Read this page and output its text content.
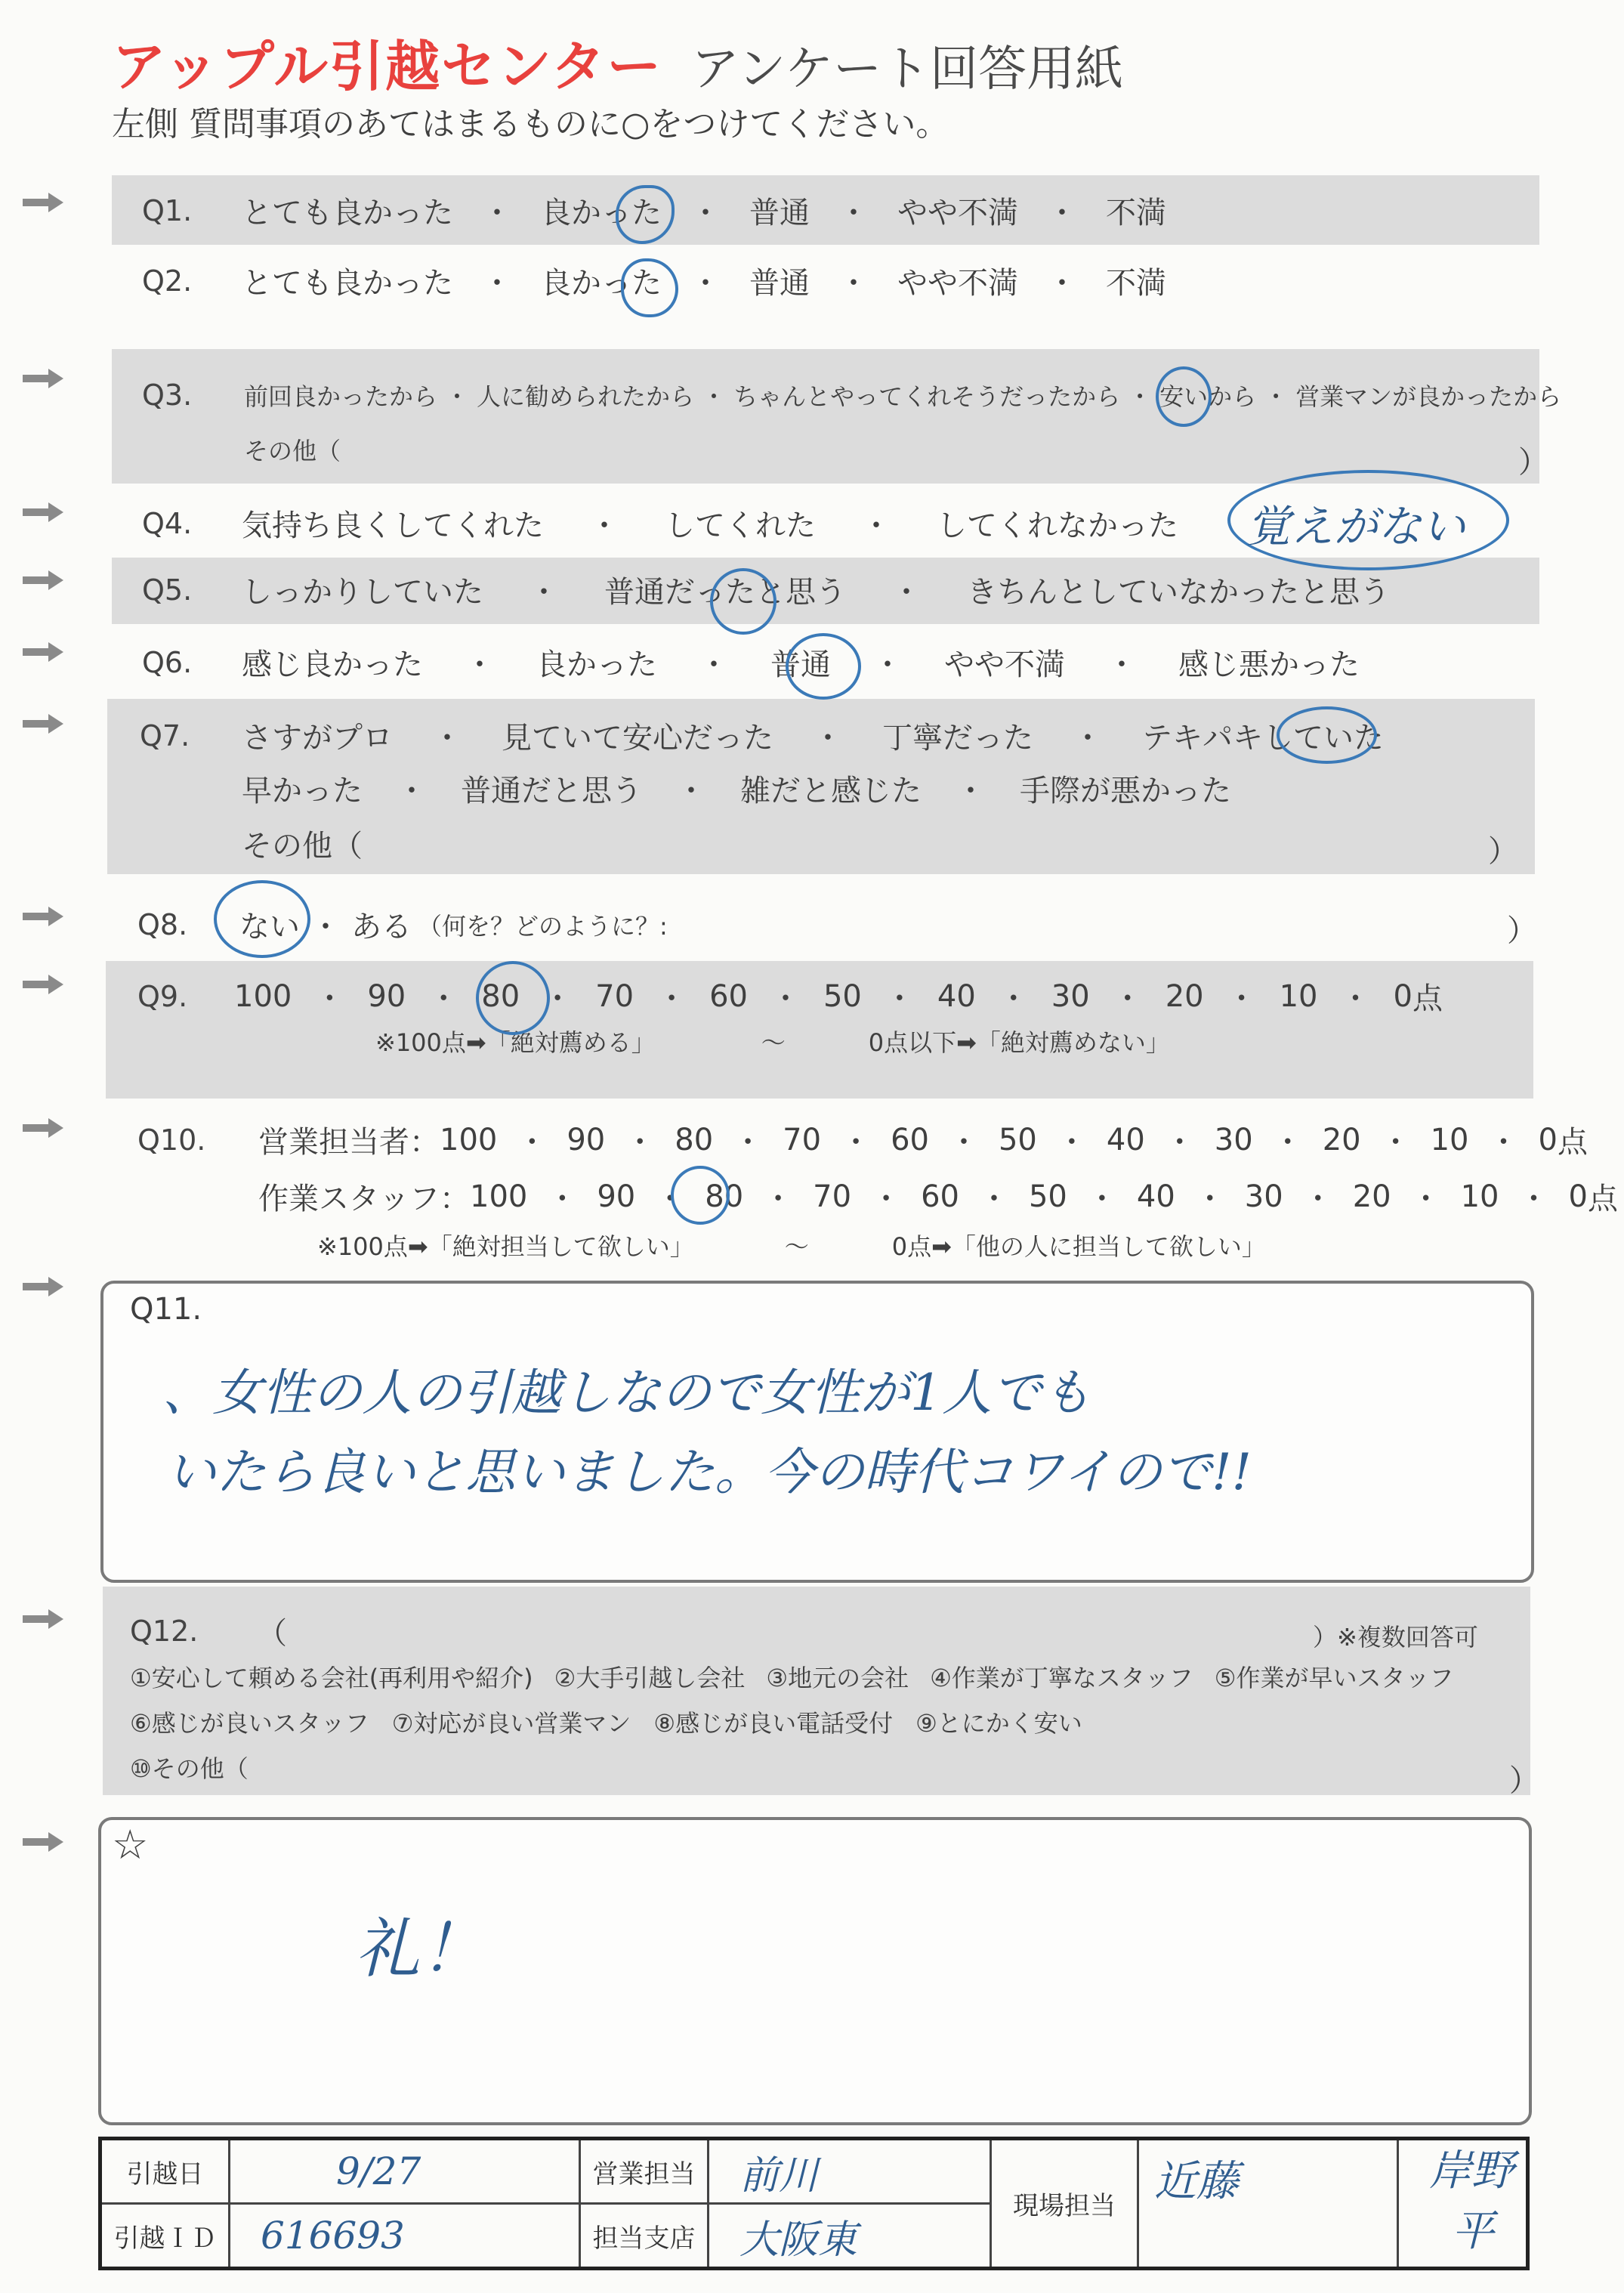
アップル引越センター アンケート回答用紙
左側 質問事項のあてはまるものに○をつけてください。
Q1.	とても良かった ・ 良かった ・ 普通 ・ やや不満 ・ 不満
Q2.	とても良かった ・ 良かった ・ 普通 ・ やや不満 ・ 不満
Q3.	前回良かったから ・ 人に勧められたから ・ ちゃんとやってくれそうだったから ・ 安いから ・ 営業マンが良かったから
その他（	）
Q4.	気持ち良くしてくれた ・ してくれた ・ してくれなかった 覚えがない
Q5.	しっかりしていた ・ 普通だったと思う ・ きちんとしていなかったと思う
Q6.	感じ良かった ・ 良かった ・ 普通 ・ やや不満 ・ 感じ悪かった
Q7.	さすがプロ ・ 見ていて安心だった ・ 丁寧だった ・ テキパキしていた
早かった ・ 普通だと思う ・ 雑だと感じた ・ 手際が悪かった
その他（	）
Q8.	ない ・ ある （何を？どのように？:	）
Q9.	100 ・ 90 ・ 80 ・ 70 ・ 60 ・ 50 ・ 40 ・ 30 ・ 20 ・ 10 ・ 0 点
※100点➡「絶対薦める」	〜	0点以下➡「絶対薦めない」
Q10.	営業担当者： 100 ・ 90 ・ 80 ・ 70 ・ 60 ・ 50 ・ 40 ・ 30 ・ 20 ・ 10 ・ 0 点
作業スタッフ： 100 ・ 90 ・ 80 ・ 70 ・ 60 ・ 50 ・ 40 ・ 30 ・ 20 ・ 10 ・ 0 点
※100点➡「絶対担当して欲しい」	〜	0点➡「他の人に担当して欲しい」
Q11.
、女性の人の引越しなので女性が1人でも
いたら良いと思いました。今の時代コワイので!!
Q12.	（	）※複数回答可
①安心して頼める会社(再利用や紹介) ②大手引越し会社 ③地元の会社 ④作業が丁寧なスタッフ ⑤作業が早いスタッフ
⑥感じが良いスタッフ ⑦対応が良い営業マン ⑧感じが良い電話受付 ⑨とにかく安い
⑩その他（	）
☆
礼！
引越日	9/27	営業担当	前川	現場担当	近藤	岸野
平

引越ＩＤ	616693	担当支店	大阪東			
